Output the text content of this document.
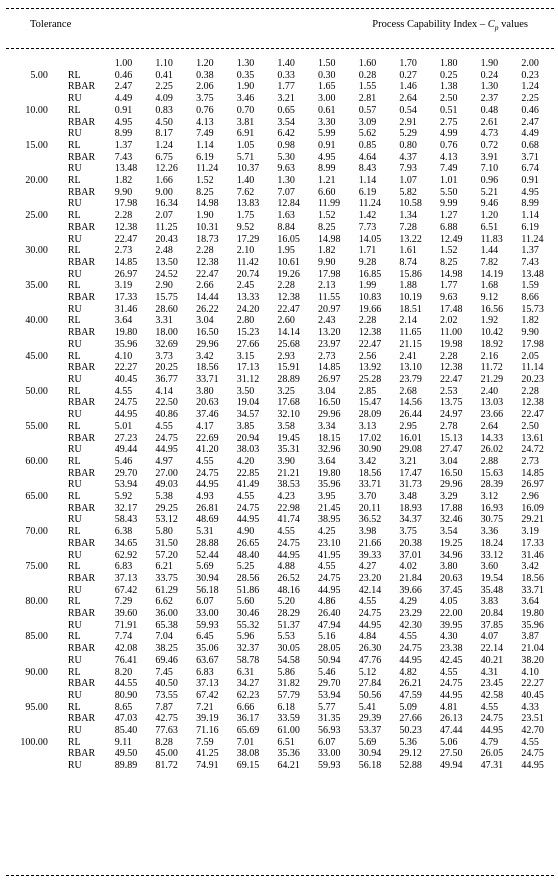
Tolerance	Process Capability Index – $C_p$ values
		1.00	1.10	1.20	1.30	1.40	1.50	1.60	1.70	1.80	1.90	2.00
5.00	RL	0.46	0.41	0.38	0.35	0.33	0.30	0.28	0.27	0.25	0.24	0.23
	RBAR	2.47	2.25	2.06	1.90	1.77	1.65	1.55	1.46	1.38	1.30	1.24
	RU	4.49	4.09	3.75	3.46	3.21	3.00	2.81	2.64	2.50	2.37	2.25
10.00	RL	0.91	0.83	0.76	0.70	0.65	0.61	0.57	0.54	0.51	0.48	0.46
	RBAR	4.95	4.50	4.13	3.81	3.54	3.30	3.09	2.91	2.75	2.61	2.47
	RU	8.99	8.17	7.49	6.91	6.42	5.99	5.62	5.29	4.99	4.73	4.49
15.00	RL	1.37	1.24	1.14	1.05	0.98	0.91	0.85	0.80	0.76	0.72	0.68
	RBAR	7.43	6.75	6.19	5.71	5.30	4.95	4.64	4.37	4.13	3.91	3.71
	RU	13.48	12.26	11.24	10.37	9.63	8.99	8.43	7.93	7.49	7.10	6.74
20.00	RL	1.82	1.66	1.52	1.40	1.30	1.21	1.14	1.07	1.01	0.96	0.91
	RBAR	9.90	9.00	8.25	7.62	7.07	6.60	6.19	5.82	5.50	5.21	4.95
	RU	17.98	16.34	14.98	13.83	12.84	11.99	11.24	10.58	9.99	9.46	8.99
25.00	RL	2.28	2.07	1.90	1.75	1.63	1.52	1.42	1.34	1.27	1.20	1.14
	RBAR	12.38	11.25	10.31	9.52	8.84	8.25	7.73	7.28	6.88	6.51	6.19
	RU	22.47	20.43	18.73	17.29	16.05	14.98	14.05	13.22	12.49	11.83	11.24
30.00	RL	2.73	2.48	2.28	2.10	1.95	1.82	1.71	1.61	1.52	1.44	1.37
	RBAR	14.85	13.50	12.38	11.42	10.61	9.90	9.28	8.74	8.25	7.82	7.43
	RU	26.97	24.52	22.47	20.74	19.26	17.98	16.85	15.86	14.98	14.19	13.48
35.00	RL	3.19	2.90	2.66	2.45	2.28	2.13	1.99	1.88	1.77	1.68	1.59
	RBAR	17.33	15.75	14.44	13.33	12.38	11.55	10.83	10.19	9.63	9.12	8.66
	RU	31.46	28.60	26.22	24.20	22.47	20.97	19.66	18.51	17.48	16.56	15.73
40.00	RL	3.64	3.31	3.04	2.80	2.60	2.43	2.28	2.14	2.02	1.92	1.82
	RBAR	19.80	18.00	16.50	15.23	14.14	13.20	12.38	11.65	11.00	10.42	9.90
	RU	35.96	32.69	29.96	27.66	25.68	23.97	22.47	21.15	19.98	18.92	17.98
45.00	RL	4.10	3.73	3.42	3.15	2.93	2.73	2.56	2.41	2.28	2.16	2.05
	RBAR	22.27	20.25	18.56	17.13	15.91	14.85	13.92	13.10	12.38	11.72	11.14
	RU	40.45	36.77	33.71	31.12	28.89	26.97	25.28	23.79	22.47	21.29	20.23
50.00	RL	4.55	4.14	3.80	3.50	3.25	3.04	2.85	2.68	2.53	2.40	2.28
	RBAR	24.75	22.50	20.63	19.04	17.68	16.50	15.47	14.56	13.75	13.03	12.38
	RU	44.95	40.86	37.46	34.57	32.10	29.96	28.09	26.44	24.97	23.66	22.47
55.00	RL	5.01	4.55	4.17	3.85	3.58	3.34	3.13	2.95	2.78	2.64	2.50
	RBAR	27.23	24.75	22.69	20.94	19.45	18.15	17.02	16.01	15.13	14.33	13.61
	RU	49.44	44.95	41.20	38.03	35.31	32.96	30.90	29.08	27.47	26.02	24.72
60.00	RL	5.46	4.97	4.55	4.20	3.90	3.64	3.42	3.21	3.04	2.88	2.73
	RBAR	29.70	27.00	24.75	22.85	21.21	19.80	18.56	17.47	16.50	15.63	14.85
	RU	53.94	49.03	44.95	41.49	38.53	35.96	33.71	31.73	29.96	28.39	26.97
65.00	RL	5.92	5.38	4.93	4.55	4.23	3.95	3.70	3.48	3.29	3.12	2.96
	RBAR	32.17	29.25	26.81	24.75	22.98	21.45	20.11	18.93	17.88	16.93	16.09
	RU	58.43	53.12	48.69	44.95	41.74	38.95	36.52	34.37	32.46	30.75	29.21
70.00	RL	6.38	5.80	5.31	4.90	4.55	4.25	3.98	3.75	3.54	3.36	3.19
	RBAR	34.65	31.50	28.88	26.65	24.75	23.10	21.66	20.38	19.25	18.24	17.33
	RU	62.92	57.20	52.44	48.40	44.95	41.95	39.33	37.01	34.96	33.12	31.46
75.00	RL	6.83	6.21	5.69	5.25	4.88	4.55	4.27	4.02	3.80	3.60	3.42
	RBAR	37.13	33.75	30.94	28.56	26.52	24.75	23.20	21.84	20.63	19.54	18.56
	RU	67.42	61.29	56.18	51.86	48.16	44.95	42.14	39.66	37.45	35.48	33.71
80.00	RL	7.29	6.62	6.07	5.60	5.20	4.86	4.55	4.29	4.05	3.83	3.64
	RBAR	39.60	36.00	33.00	30.46	28.29	26.40	24.75	23.29	22.00	20.84	19.80
	RU	71.91	65.38	59.93	55.32	51.37	47.94	44.95	42.30	39.95	37.85	35.96
85.00	RL	7.74	7.04	6.45	5.96	5.53	5.16	4.84	4.55	4.30	4.07	3.87
	RBAR	42.08	38.25	35.06	32.37	30.05	28.05	26.30	24.75	23.38	22.14	21.04
	RU	76.41	69.46	63.67	58.78	54.58	50.94	47.76	44.95	42.45	40.21	38.20
90.00	RL	8.20	7.45	6.83	6.31	5.86	5.46	5.12	4.82	4.55	4.31	4.10
	RBAR	44.55	40.50	37.13	34.27	31.82	29.70	27.84	26.21	24.75	23.45	22.27
	RU	80.90	73.55	67.42	62.23	57.79	53.94	50.56	47.59	44.95	42.58	40.45
95.00	RL	8.65	7.87	7.21	6.66	6.18	5.77	5.41	5.09	4.81	4.55	4.33
	RBAR	47.03	42.75	39.19	36.17	33.59	31.35	29.39	27.66	26.13	24.75	23.51
	RU	85.40	77.63	71.16	65.69	61.00	56.93	53.37	50.23	47.44	44.95	42.70
100.00	RL	9.11	8.28	7.59	7.01	6.51	6.07	5.69	5.36	5.06	4.79	4.55
	RBAR	49.50	45.00	41.25	38.08	35.36	33.00	30.94	29.12	27.50	26.05	24.75
	RU	89.89	81.72	74.91	69.15	64.21	59.93	56.18	52.88	49.94	47.31	44.95
